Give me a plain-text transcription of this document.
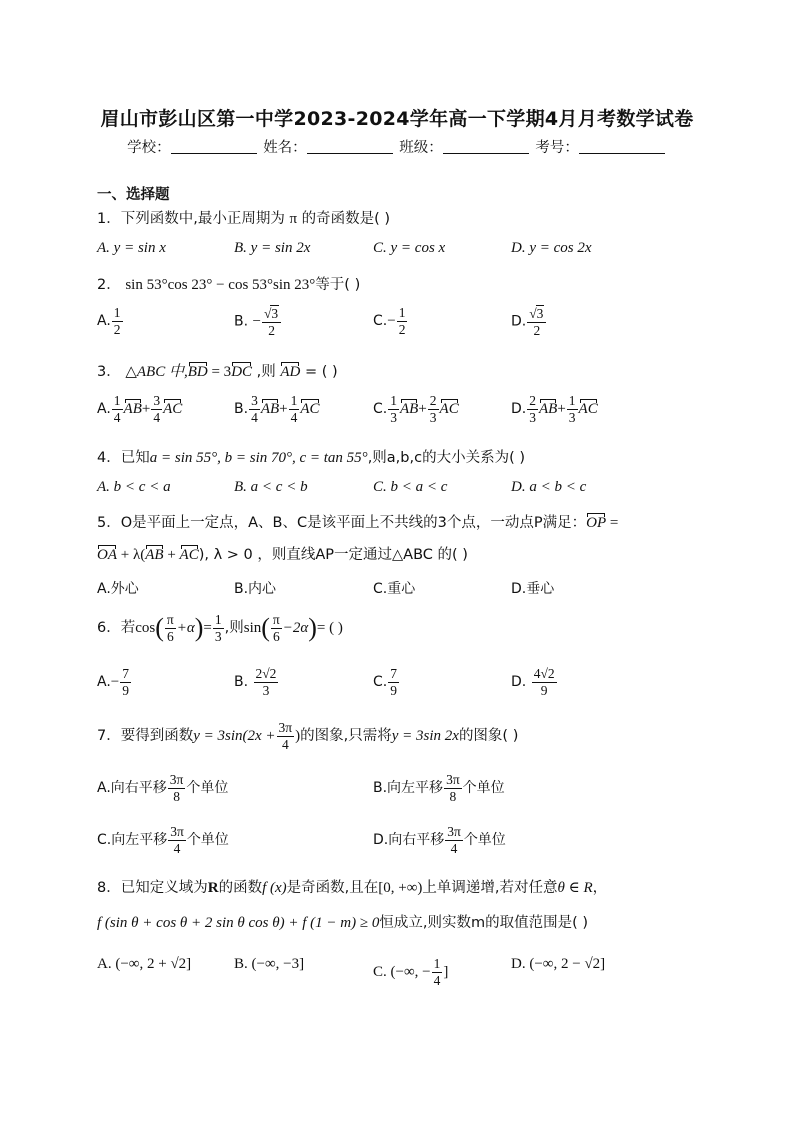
眉山市彭山区第一中学2023-2024学年高一下学期4月月考数学试卷
学校：	姓名：	班级：	考号：
一、选择题
1．下列函数中,最小正周期为 π 的奇函数是( )
A. y = sin x	B. y = sin 2x	C. y = cos x	D. y = cos 2x
2． sin 53°cos 23° − cos 53°sin 23°等于( )
A. $\frac{1}{2}$	B. − $\frac{√3}{2}$	$C.- \frac{1}{2}$	D. $\frac{√3}{2}$
3． △ABC 中,BD = 3DC ,则 AD = ( )
A. $\frac{1}{4} AB+ \frac{3}{4}$ AC	B. $\frac{3}{4} AB+ \frac{1}{4}$ AC	C. $\frac{1}{3} AB+ \frac{2}{3}$ AC	D. $\frac{2}{3} AB+ \frac{1}{3}$ AC
4．已知a = sin 55°, b = sin 70°, c = tan 55°,则a,b,c的大小关系为( )
A. b < c < a	B. a < c < b	C. b < a < c	D. a < b < c
5．O是平面上一定点，A、B、C是该平面上不共线的3个点，一动点P满足：OP =
OA + λ(AB + AC), λ > 0 ，则直线AP一定通过△ABC 的( )
A.外心	B.内心	C.重心	D.垂心
6．若$\cos( \frac{\pi}{6} +\alpha)= \frac{1}{3}$ ,则$\sin( \frac{\pi}{6} -2\alpha)=$ ( )
$A.- \frac{7}{9}$	B. $\frac{2√2}{3}$	C. $\frac{7}{9}$	D. $\frac{4√2}{9}$
7．要得到函数$y = 3\sin(2x + \frac{3\pi}{4}$ )的图象,只需将y = 3sin 2x的图象( )
A.向右平移 $\frac{3\pi}{8}$ 个单位	B.向左平移 $\frac{3\pi}{8}$ 个单位
C.向左平移 $\frac{3\pi}{4}$ 个单位	D.向右平移 $\frac{3\pi}{4}$ 个单位
8．已知定义域为R的函数f (x)是奇函数,且在[0, +∞)上单调递增,若对任意θ ∈ R，
f (sin θ + cos θ + 2 sin θ cos θ) + f (1 − m) ≥ 0恒成立,则实数m的取值范围是( )
A. (−∞, 2 + √2]	B. (−∞, −3]
C. (−∞, − $\frac{1}{4}$ ]
D. (−∞, 2 − √2]
